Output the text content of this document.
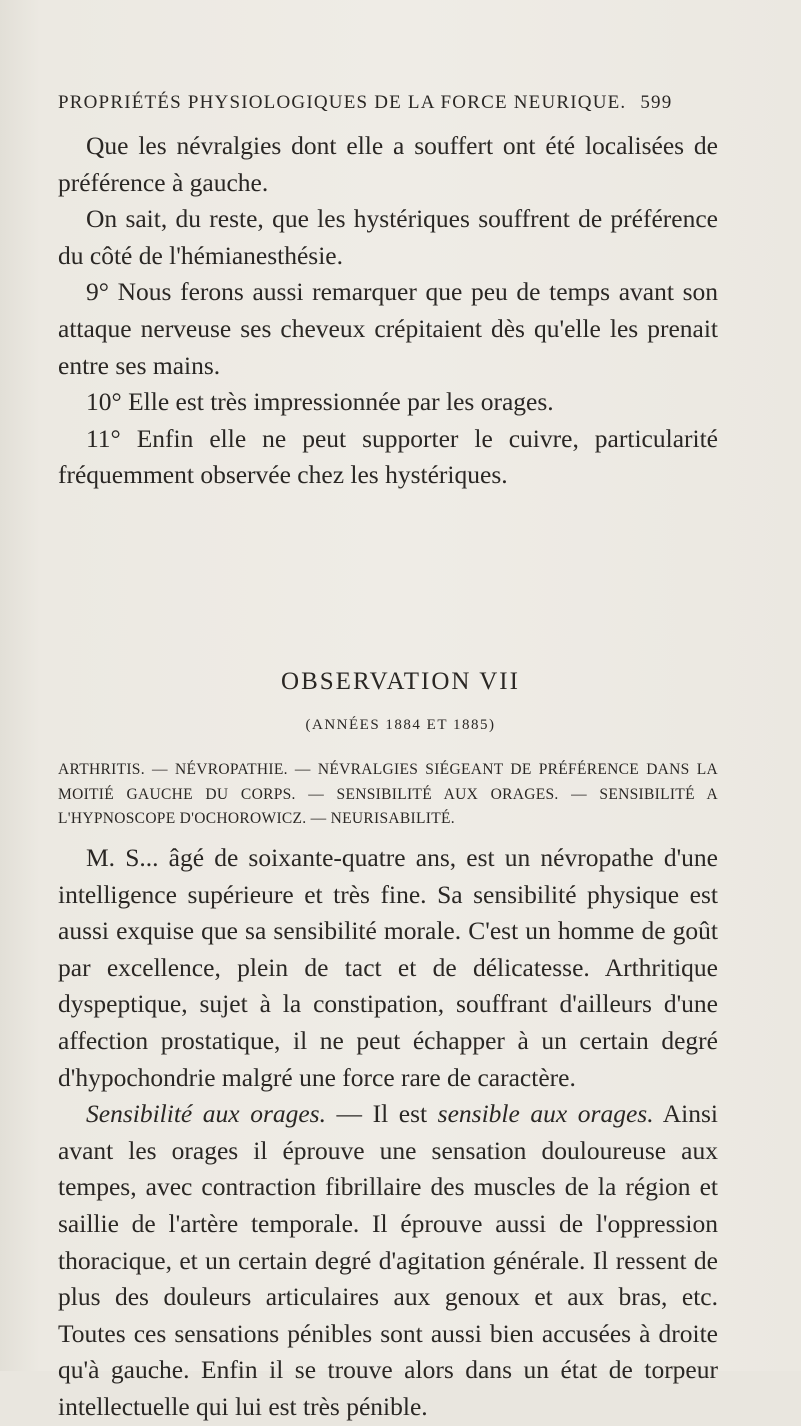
PROPRIÉTÉS PHYSIOLOGIQUES DE LA FORCE NEURIQUE. 599

Que les névralgies dont elle a souffert ont été localisées de préférence à gauche.

On sait, du reste, que les hystériques souffrent de préférence du côté de l'hémianesthésie.

9° Nous ferons aussi remarquer que peu de temps avant son attaque nerveuse ses cheveux crépitaient dès qu'elle les prenait entre ses mains.

10° Elle est très impressionnée par les orages.

11° Enfin elle ne peut supporter le cuivre, particularité fréquemment observée chez les hystériques.

OBSERVATION VII
(ANNÉES 1884 ET 1885)

ARTHRITIS. — NÉVROPATHIE. — NÉVRALGIES SIÉGEANT DE PRÉFÉRENCE DANS LA MOITIÉ GAUCHE DU CORPS. — SENSIBILITÉ AUX ORAGES. — SENSIBILITÉ A L'HYPNOSCOPE D'OCHOROWICZ. — NEURISABILITÉ.

M. S... âgé de soixante-quatre ans, est un névropathe d'une intelligence supérieure et très fine. Sa sensibilité physique est aussi exquise que sa sensibilité morale. C'est un homme de goût par excellence, plein de tact et de délicatesse. Arthritique dyspeptique, sujet à la constipation, souffrant d'ailleurs d'une affection prostatique, il ne peut échapper à un certain degré d'hypochondrie malgré une force rare de caractère.

Sensibilité aux orages. — Il est sensible aux orages. Ainsi avant les orages il éprouve une sensation douloureuse aux tempes, avec contraction fibrillaire des muscles de la région et saillie de l'artère temporale. Il éprouve aussi de l'oppression thoracique, et un certain degré d'agitation générale. Il ressent de plus des douleurs articulaires aux genoux et aux bras, etc. Toutes ces sensations pénibles sont aussi bien accusées à droite qu'à gauche. Enfin il se trouve alors dans un état de torpeur intellectuelle qui lui est très pénible.
